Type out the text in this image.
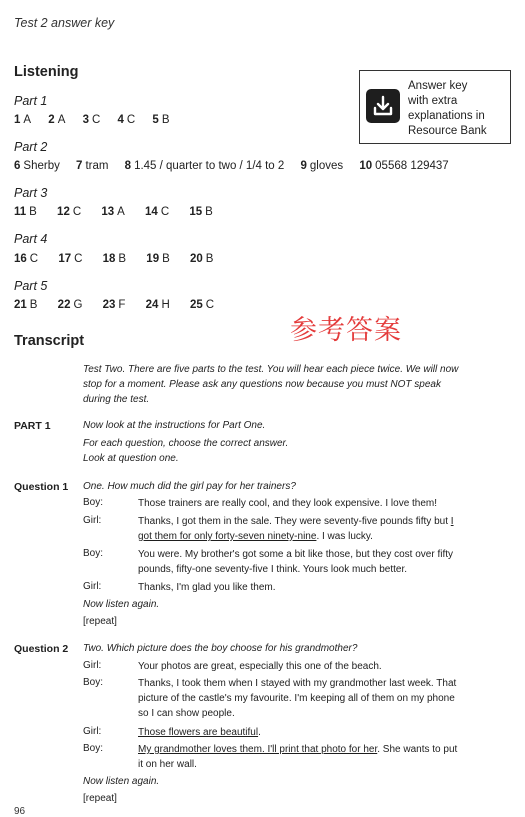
Test 2 answer key
Listening
Part 1
1 A 2 A 3 C 4 C 5 B
Part 2
6 Sherby 7 tram 8 1.45 / quarter to two / 1/4 to 2 9 gloves 10 05568 129437
Part 3
11 B 12 C 13 A 14 C 15 B
Part 4
16 C 17 C 18 B 19 B 20 B
Part 5
21 B 22 G 23 F 24 H 25 C
Answer key
with extra
explanations in
Resource Bank
参考答案
Transcript
Test Two. There are five parts to the test. You will hear each piece twice. We will now stop for a moment. Please ask any questions now because you must NOT speak during the test.
PART 1	Now look at the instructions for Part One.
For each question, choose the correct answer.
Look at question one.
Question 1 One. How much did the girl pay for her trainers?
Boy:	Those trainers are really cool, and they look expensive. I love them!
Girl:	Thanks, I got them in the sale. They were seventy-five pounds fifty but I got them for only forty-seven ninety-nine. I was lucky.
Boy:	You were. My brother's got some a bit like those, but they cost over fifty pounds, fifty-one seventy-five I think. Yours look much better.
Girl:	Thanks, I'm glad you like them.
Now listen again.
[repeat]
Question 2 Two. Which picture does the boy choose for his grandmother?
Girl:	Your photos are great, especially this one of the beach.
Boy:	Thanks, I took them when I stayed with my grandmother last week. That picture of the castle's my favourite. I'm keeping all of them on my phone so I can show people.
Girl:	Those flowers are beautiful.
Boy:	My grandmother loves them. I'll print that photo for her. She wants to put it on her wall.
Now listen again.
[repeat]
96
